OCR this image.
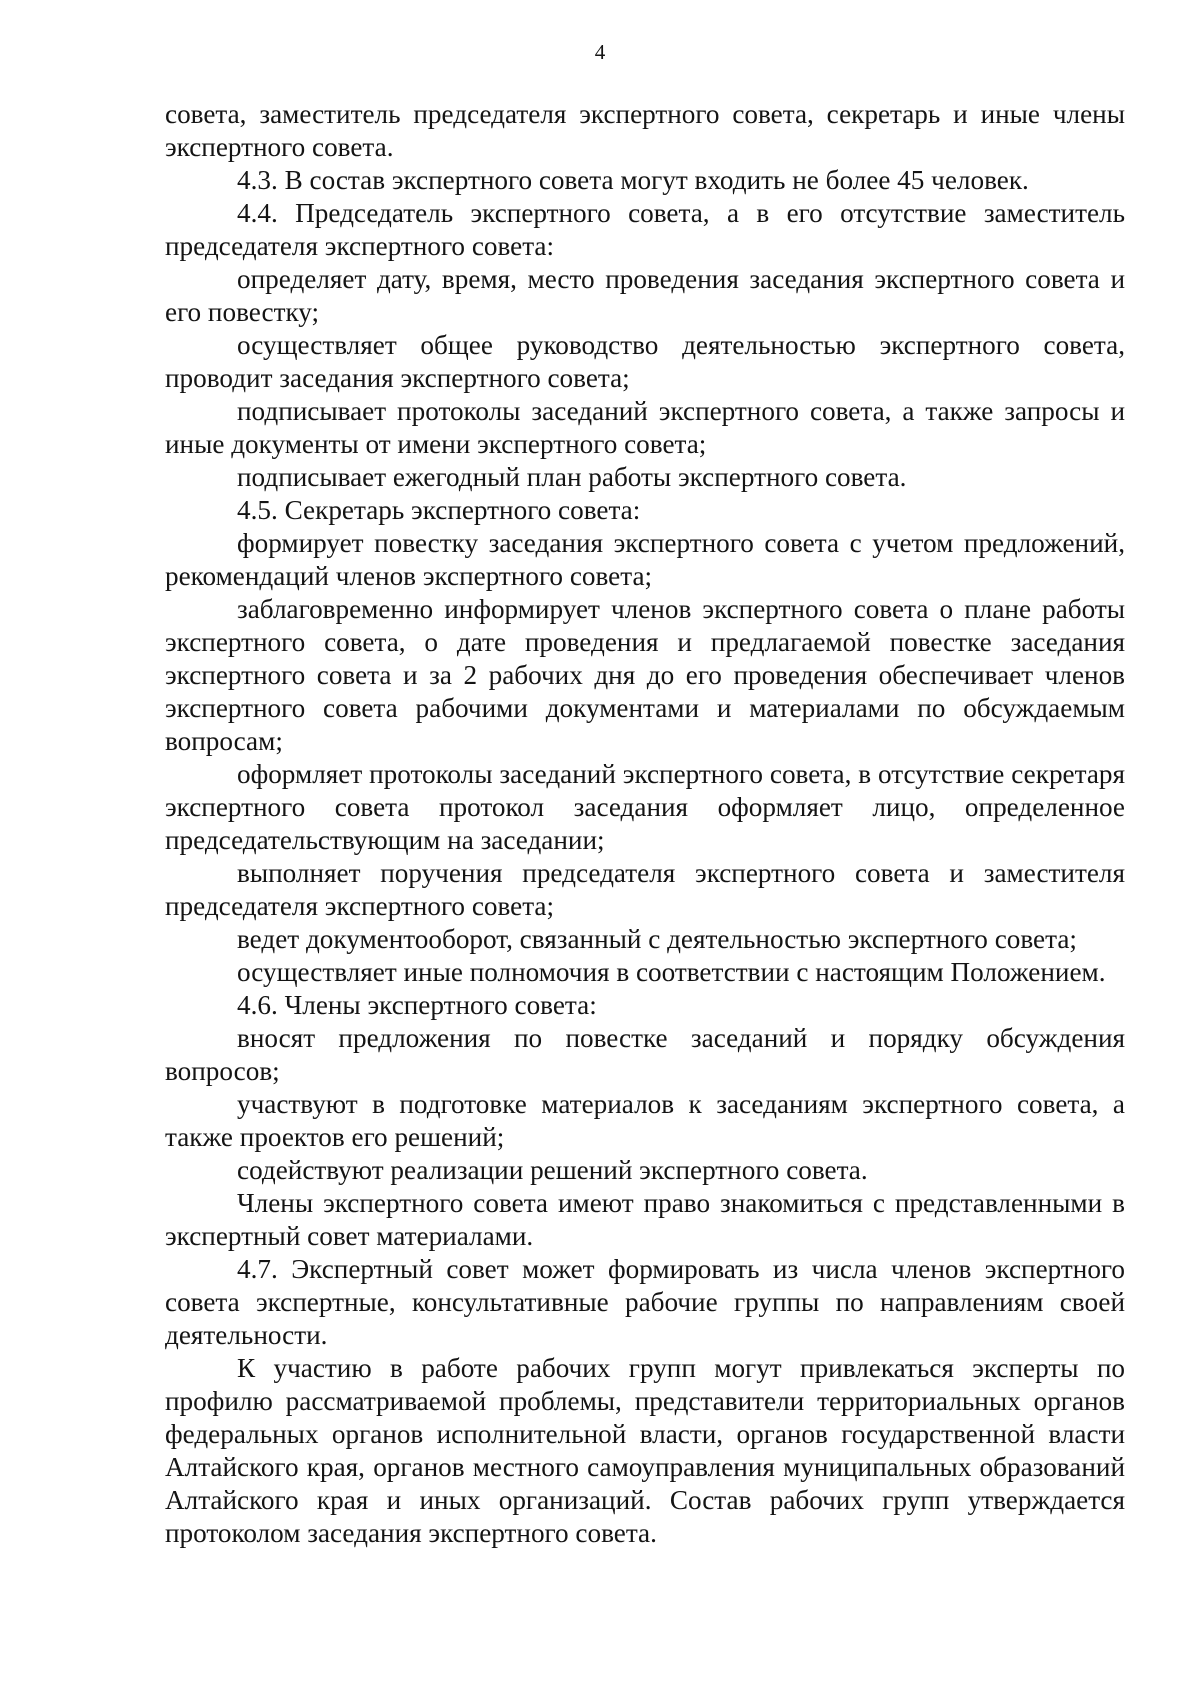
4

совета, заместитель председателя экспертного совета, секретарь и иные члены экспертного совета.

4.3. В состав экспертного совета могут входить не более 45 человек.

4.4. Председатель экспертного совета, а в его отсутствие заместитель председателя экспертного совета:

определяет дату, время, место проведения заседания экспертного совета и его повестку;

осуществляет общее руководство деятельностью экспертного совета, проводит заседания экспертного совета;

подписывает протоколы заседаний экспертного совета, а также запросы и иные документы от имени экспертного совета;

подписывает ежегодный план работы экспертного совета.

4.5. Секретарь экспертного совета:

формирует повестку заседания экспертного совета с учетом предложений, рекомендаций членов экспертного совета;

заблаговременно информирует членов экспертного совета о плане работы экспертного совета, о дате проведения и предлагаемой повестке заседания экспертного совета и за 2 рабочих дня до его проведения обеспечивает членов экспертного совета рабочими документами и материалами по обсуждаемым вопросам;

оформляет протоколы заседаний экспертного совета, в отсутствие секретаря экспертного совета протокол заседания оформляет лицо, определенное председательствующим на заседании;

выполняет поручения председателя экспертного совета и заместителя председателя экспертного совета;

ведет документооборот, связанный с деятельностью экспертного совета;

осуществляет иные полномочия в соответствии с настоящим Положением.

4.6. Члены экспертного совета:

вносят предложения по повестке заседаний и порядку обсуждения вопросов;

участвуют в подготовке материалов к заседаниям экспертного совета, а также проектов его решений;

содействуют реализации решений экспертного совета.

Члены экспертного совета имеют право знакомиться с представленными в экспертный совет материалами.

4.7. Экспертный совет может формировать из числа членов экспертного совета экспертные, консультативные рабочие группы по направлениям своей деятельности.

К участию в работе рабочих групп могут привлекаться эксперты по профилю рассматриваемой проблемы, представители территориальных органов федеральных органов исполнительной власти, органов государственной власти Алтайского края, органов местного самоуправления муниципальных образований Алтайского края и иных организаций. Состав рабочих групп утверждается протоколом заседания экспертного совета.
